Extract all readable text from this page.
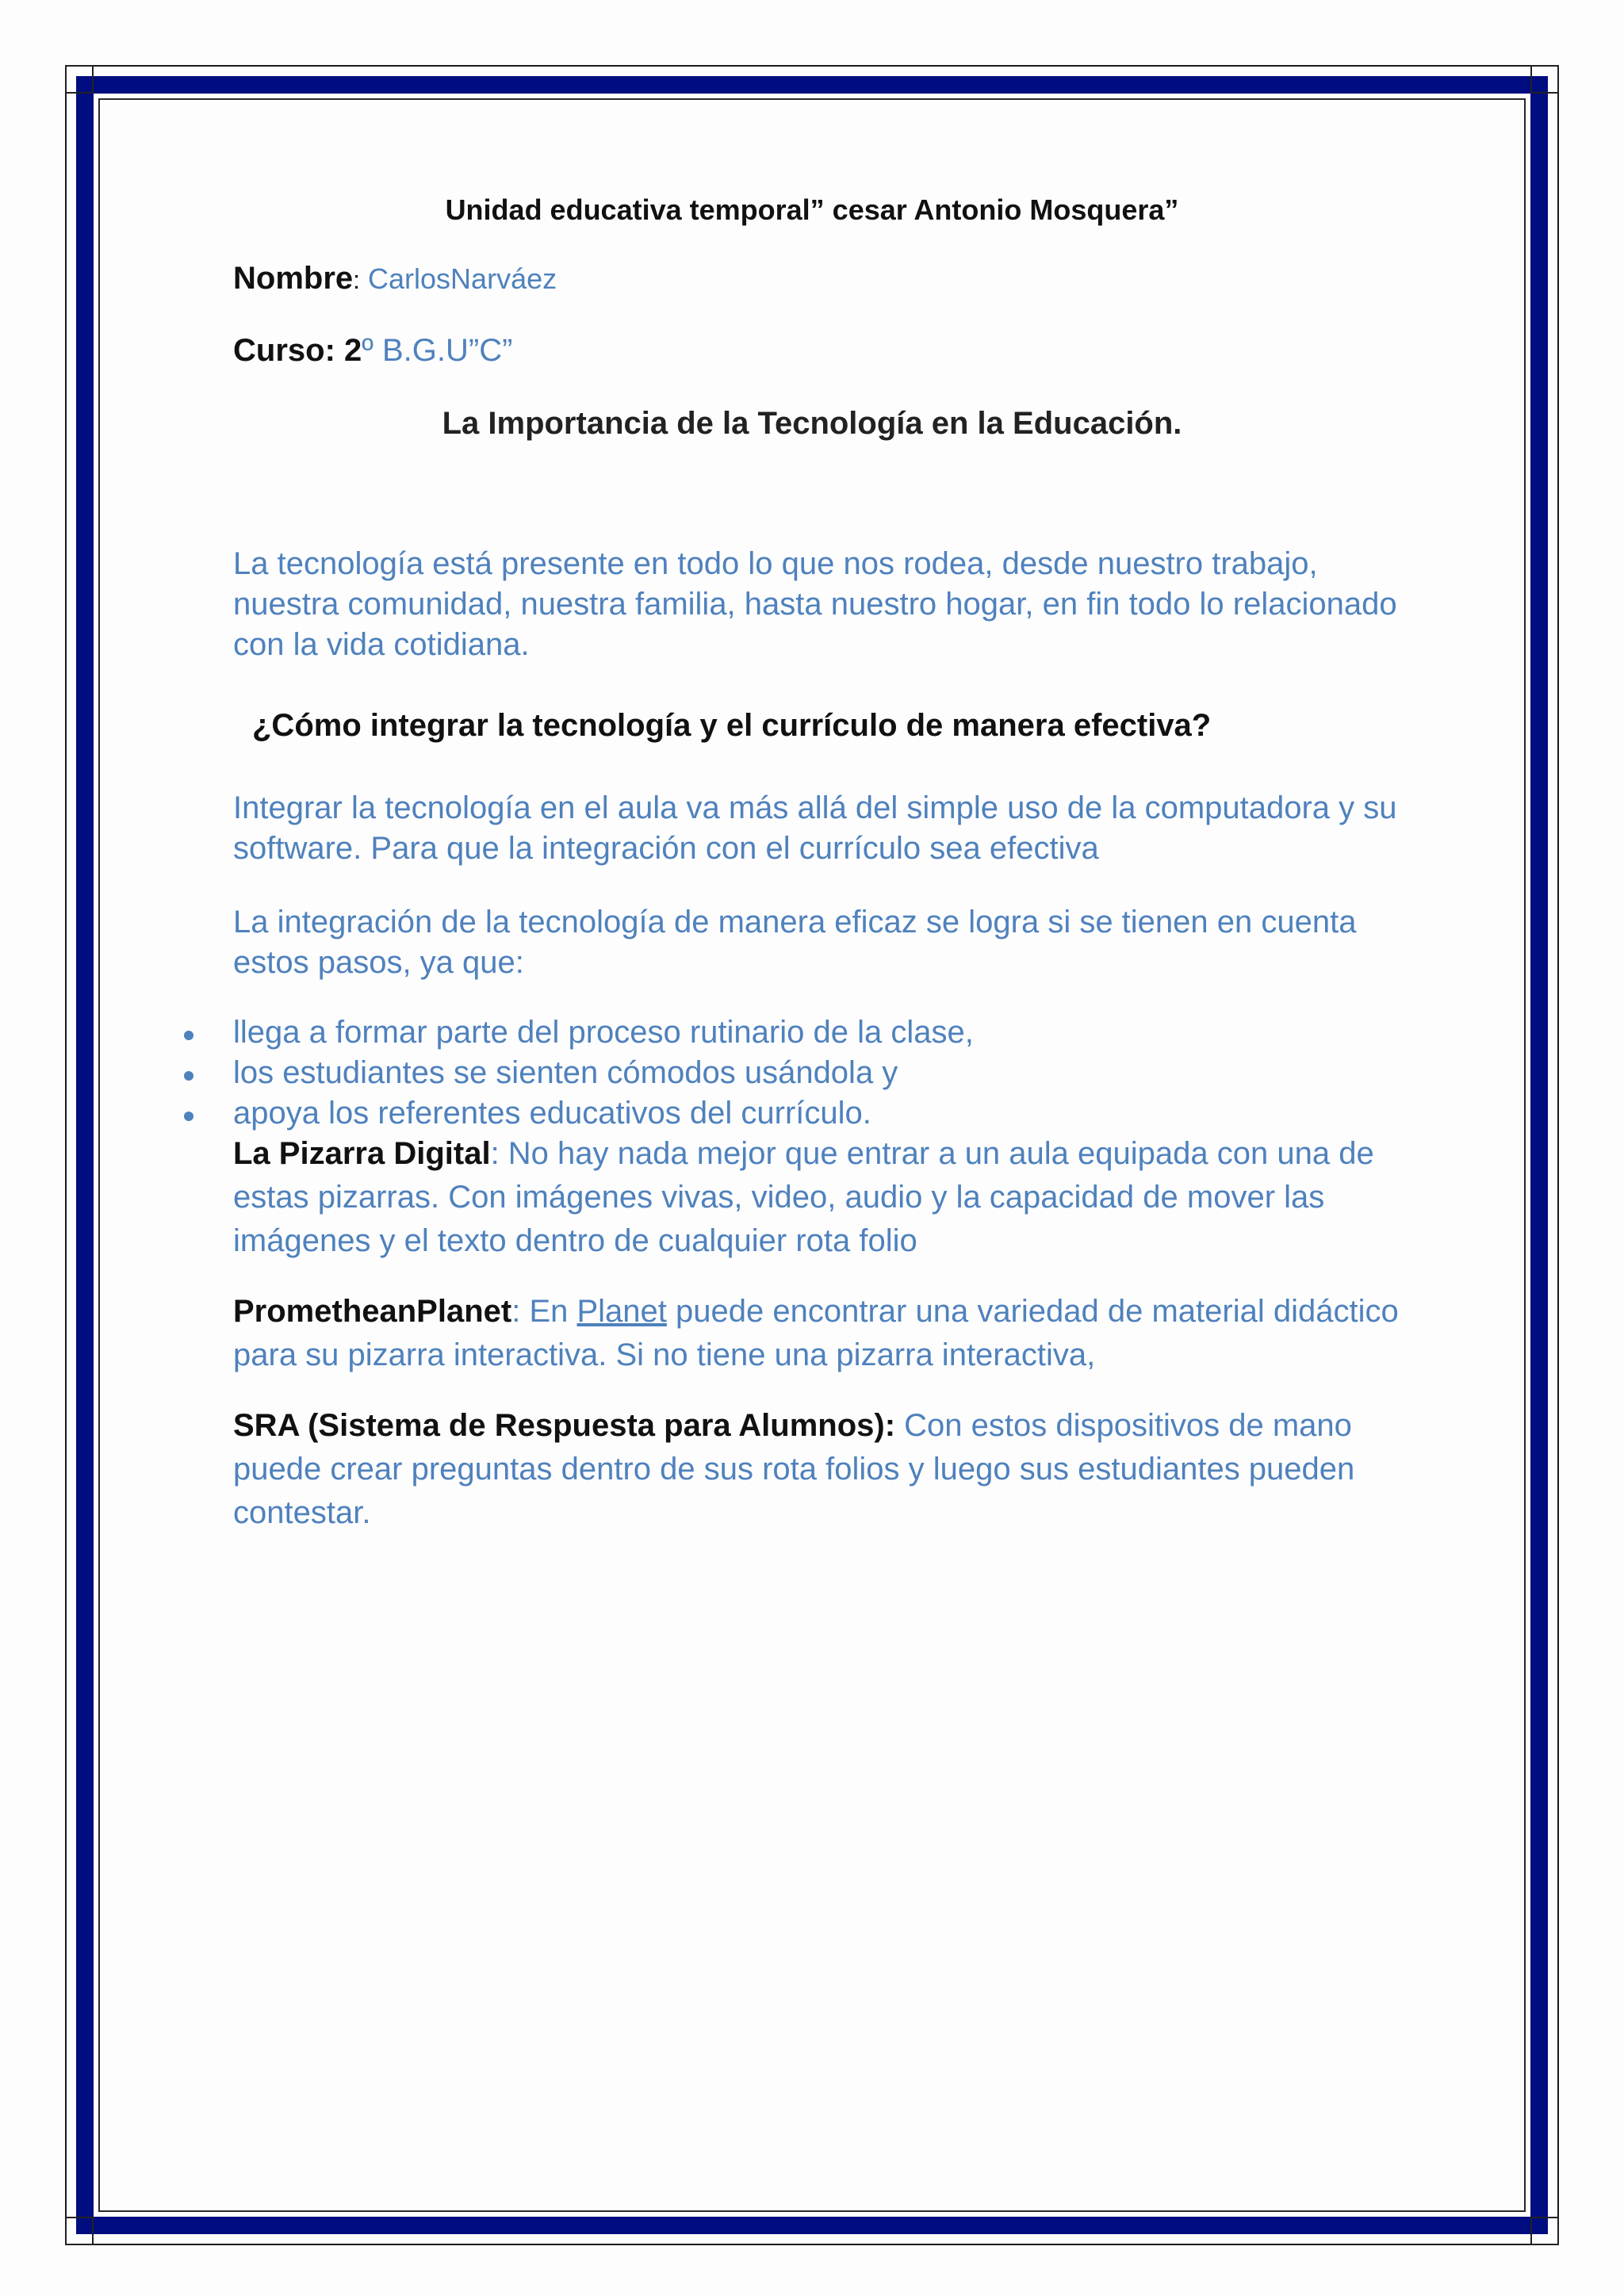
Unidad educativa temporal” cesar Antonio Mosquera”
Nombre: CarlosNarváez
Curso: 2º B.G.U”C”
La Importancia de la Tecnología en la Educación.
La tecnología está presente en todo lo que nos rodea, desde nuestro trabajo, nuestra comunidad, nuestra familia, hasta nuestro hogar, en fin todo lo relacionado con la vida cotidiana.
¿Cómo integrar la tecnología y el currículo de manera efectiva?
Integrar la tecnología en el aula va más allá del simple uso de la computadora y su software. Para que la integración con el currículo sea efectiva
La integración de la tecnología de manera eficaz se logra si se tienen en cuenta estos pasos, ya que:
llega a formar parte del proceso rutinario de la clase,
los estudiantes se sienten cómodos usándola y
apoya los referentes educativos del currículo.
La Pizarra Digital: No hay nada mejor que entrar a un aula equipada con una de estas pizarras. Con imágenes vivas, video, audio y la capacidad de mover las imágenes y el texto dentro de cualquier rota folio
PrometheanPlanet: En Planet puede encontrar una variedad de material didáctico para su pizarra interactiva. Si no tiene una pizarra interactiva,
SRA (Sistema de Respuesta para Alumnos): Con estos dispositivos de mano puede crear preguntas dentro de sus rota folios y luego sus estudiantes pueden contestar.
